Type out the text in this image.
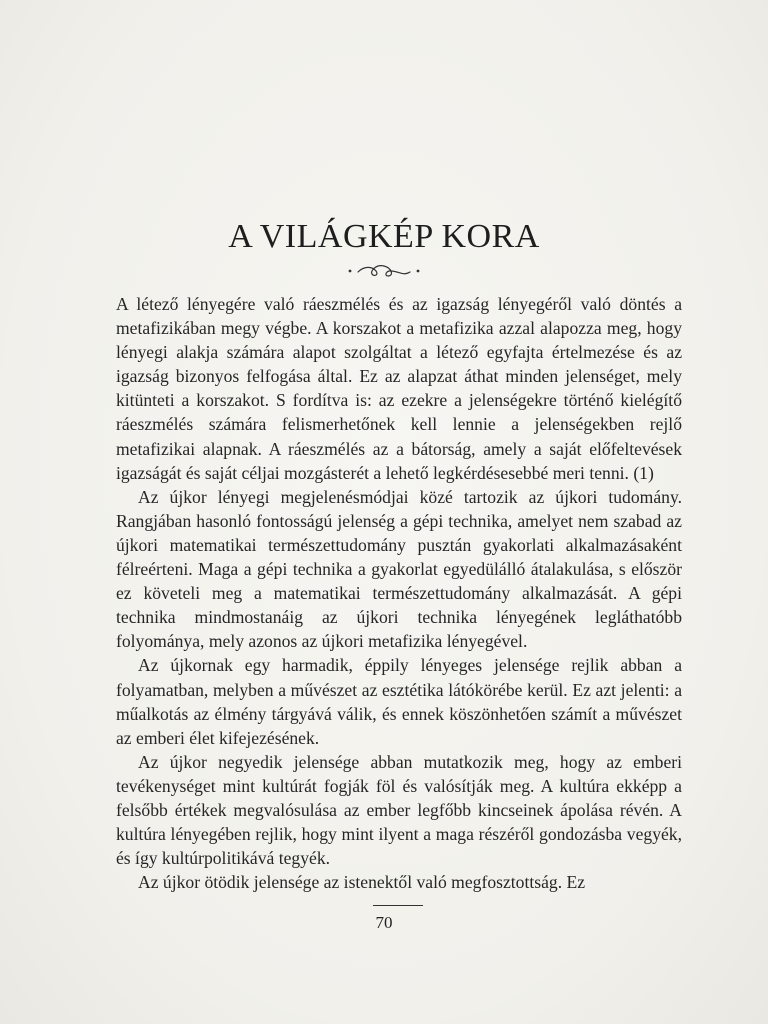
A VILÁGKÉP KORA

A létező lényegére való ráeszmélés és az igazság lényegéről való döntés a metafizikában megy végbe. A korszakot a metafizika azzal alapozza meg, hogy lényegi alakja számára alapot szolgáltat a létező egyfajta értelmezése és az igazság bizonyos felfogása által. Ez az alapzat áthat minden jelenséget, mely kitünteti a korszakot. S fordítva is: az ezekre a jelenségekre történő kielégítő ráeszmélés számára felismerhetőnek kell lennie a jelenségekben rejlő metafizikai alapnak. A ráeszmélés az a bátorság, amely a saját előfeltevések igazságát és saját céljai mozgásterét a lehető legkérdésesebbé meri tenni. (1)

Az újkor lényegi megjelenésmódjai közé tartozik az újkori tudomány. Rangjában hasonló fontosságú jelenség a gépi technika, amelyet nem szabad az újkori matematikai természettudomány pusztán gyakorlati alkalmazásaként félreérteni. Maga a gépi technika a gyakorlat egyedülálló átalakulása, s először ez követeli meg a matematikai természettudomány alkalmazását. A gépi technika mindmostanáig az újkori technika lényegének legláthatóbb folyománya, mely azonos az újkori metafizika lényegével.

Az újkornak egy harmadik, éppily lényeges jelensége rejlik abban a folyamatban, melyben a művészet az esztétika látókörébe kerül. Ez azt jelenti: a műalkotás az élmény tárgyává válik, és ennek köszönhetően számít a művészet az emberi élet kifejezésének.

Az újkor negyedik jelensége abban mutatkozik meg, hogy az emberi tevékenységet mint kultúrát fogják föl és valósítják meg. A kultúra ekképp a felsőbb értékek megvalósulása az ember legfőbb kincseinek ápolása révén. A kultúra lényegében rejlik, hogy mint ilyent a maga részéről gondozásba vegyék, és így kultúrpolitikává tegyék.

Az újkor ötödik jelensége az istenektől való megfosztottság. Ez

70
